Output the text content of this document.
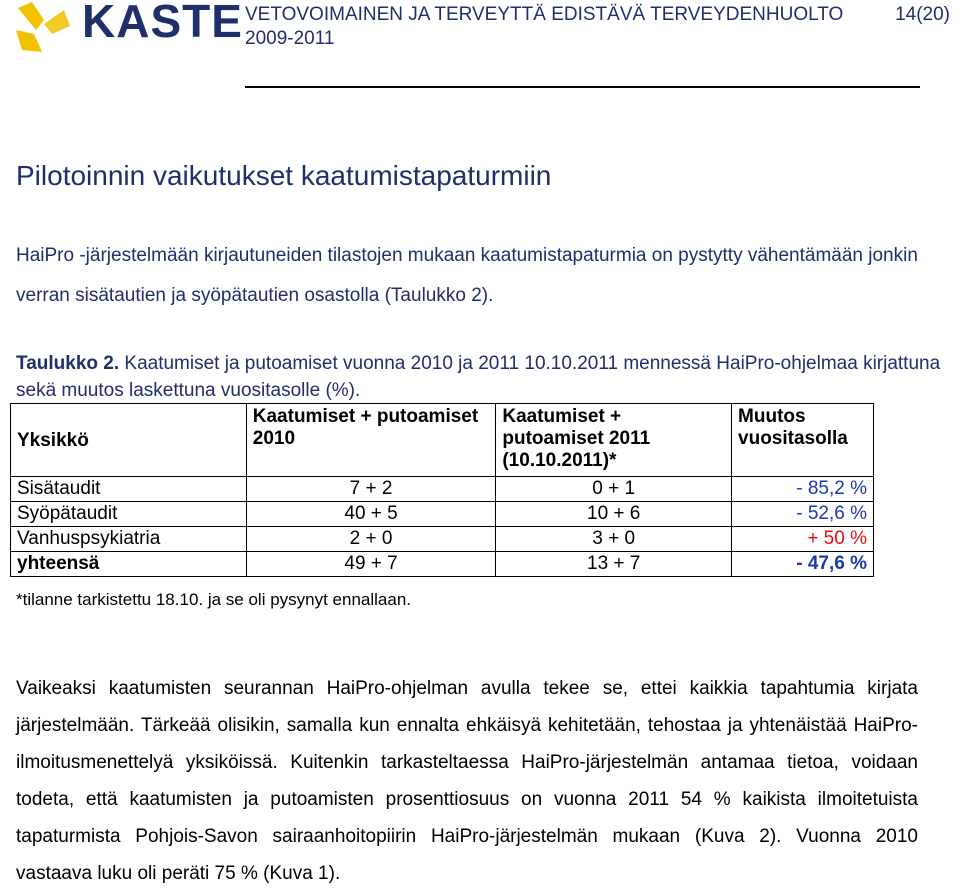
KASTE VETOVOIMAINEN JA TERVEYTTÄ EDISTÄVÄ TERVEYDENHUOLTO
2009-2011
14(20)
Pilotoinnin vaikutukset kaatumistapaturmiin
HaiPro -järjestelmään kirjautuneiden tilastojen mukaan kaatumistapaturmia on pystytty vähentämään jonkin verran sisätautien ja syöpätautien osastolla (Taulukko 2).
Taulukko 2. Kaatumiset ja putoamiset vuonna 2010 ja 2011 10.10.2011 mennessä HaiPro-ohjelmaa kirjattuna sekä muutos laskettuna vuositasolle (%).
Yksikkö	Kaatumiset + putoamiset 2010	Kaatumiset + putoamiset 2011 (10.10.2011)*	Muutos vuositasolla
Sisätaudit	7 + 2	0 + 1	- 85,2 %
Syöpätaudit	40 + 5	10 + 6	- 52,6 %
Vanhuspsykiatria	2 + 0	3 + 0	+ 50 %
yhteensä	49 + 7	13 + 7	- 47,6 %
*tilanne tarkistettu 18.10. ja se oli pysynyt ennallaan.
Vaikeaksi kaatumisten seurannan HaiPro-ohjelman avulla tekee se, ettei kaikkia tapahtumia kirjata järjestelmään. Tärkeää olisikin, samalla kun ennalta ehkäisyä kehitetään, tehostaa ja yhtenäistää HaiPro-ilmoitusmenettelyä yksiköissä. Kuitenkin tarkasteltaessa HaiPro-järjestelmän antamaa tietoa, voidaan todeta, että kaatumisten ja putoamisten prosenttiosuus on vuonna 2011 54 % kaikista ilmoitetuista tapaturmista Pohjois-Savon sairaanhoitopiirin HaiPro-järjestelmän mukaan (Kuva 2). Vuonna 2010 vastaava luku oli peräti 75 % (Kuva 1).
